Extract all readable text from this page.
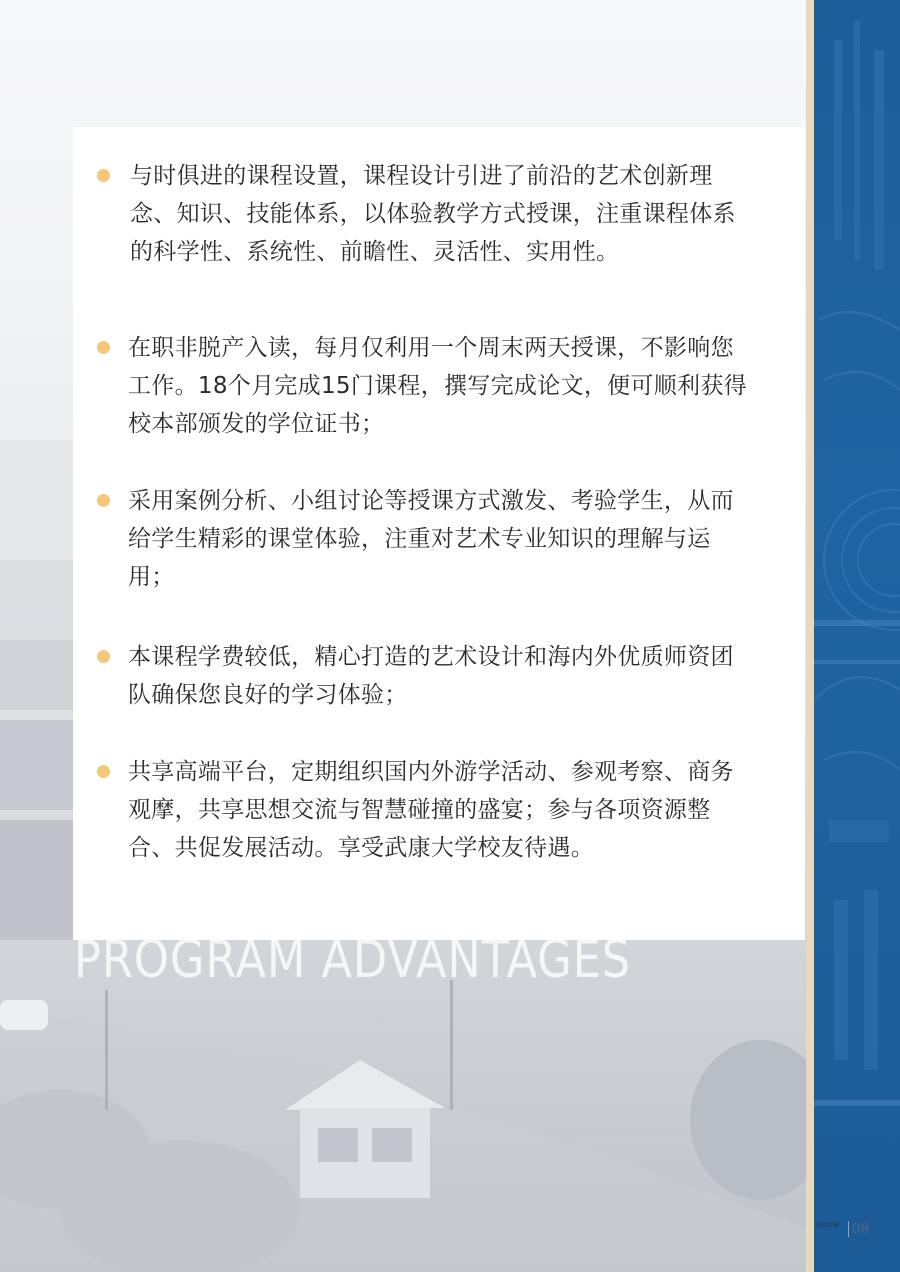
PROGRAM ADVANTAGES
与时俱进的课程设置，课程设计引进了前沿的艺术创新理念、知识、技能体系，以体验教学方式授课，注重课程体系的科学性、系统性、前瞻性、灵活性、实用性。
在职非脱产入读，每月仅利用一个周末两天授课，不影响您工作。18个月完成15门课程，撰写完成论文，便可顺利获得校本部颁发的学位证书；
采用案例分析、小组讨论等授课方式激发、考验学生，从而给学生精彩的课堂体验，注重对艺术专业知识的理解与运用；
本课程学费较低，精心打造的艺术设计和海内外优质师资团队确保您良好的学习体验；
共享高端平台，定期组织国内外游学活动、参观考察、商务观摩，共享思想交流与智慧碰撞的盛宴；参与各项资源整合、共促发展活动。享受武康大学校友待遇。
UCAM 08
